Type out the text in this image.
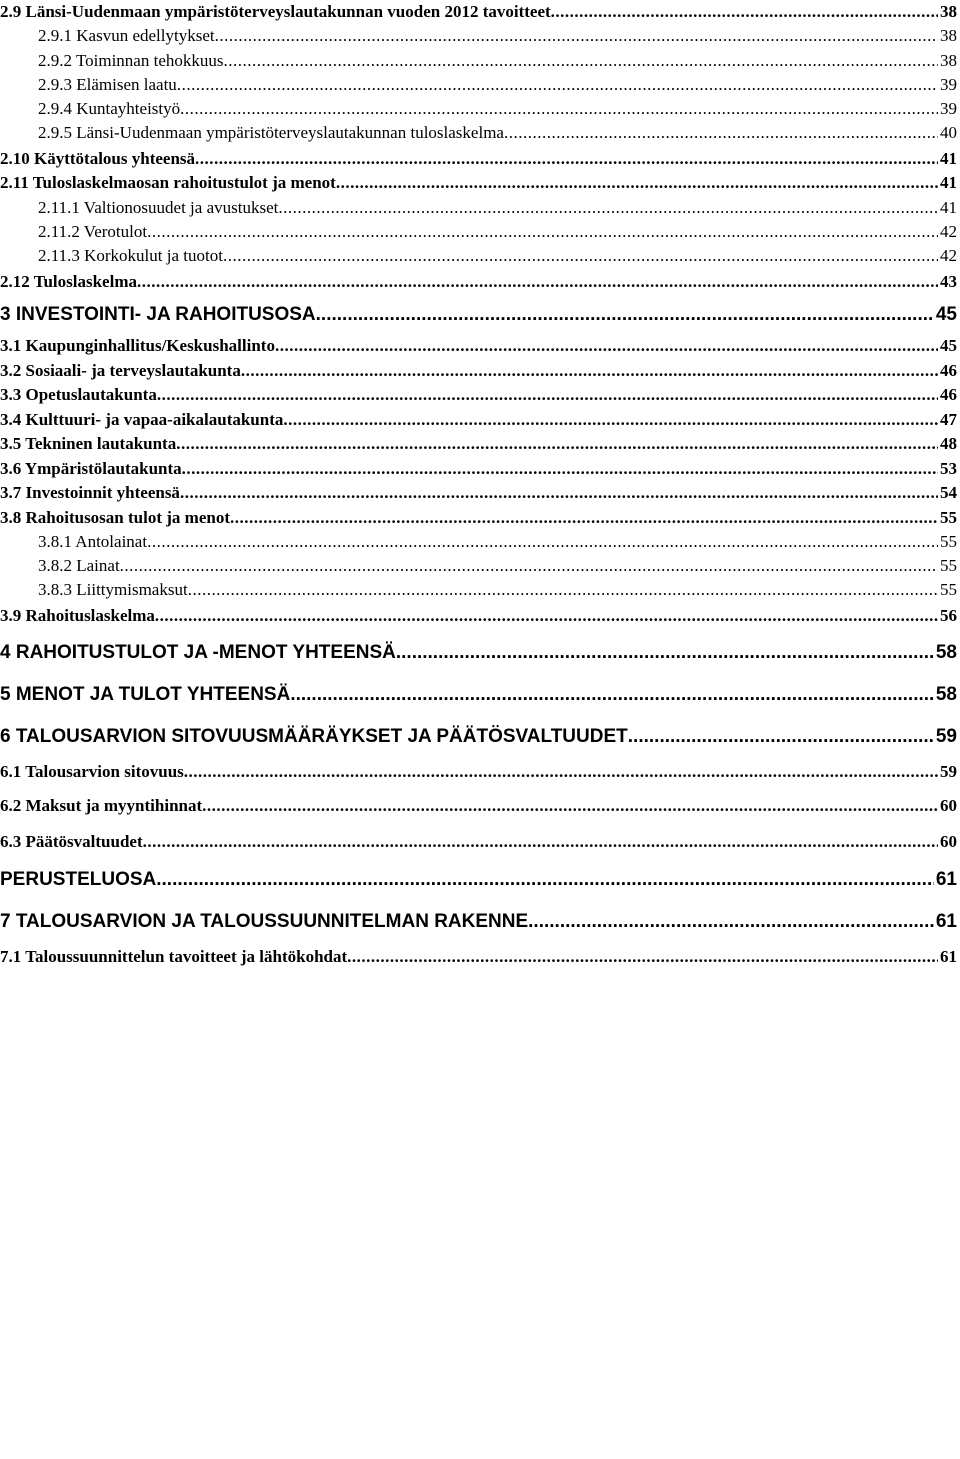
2.9 Länsi-Uudenmaan ympäristöterveyslautakunnan vuoden 2012 tavoitteet .....	38
2.9.1 Kasvun edellytykset .....	38
2.9.2 Toiminnan tehokkuus .....	38
2.9.3 Elämisen laatu .....	39
2.9.4 Kuntayhteistyö .....	39
2.9.5 Länsi-Uudenmaan ympäristöterveyslautakunnan tuloslaskelma .....	40
2.10 Käyttötalous yhteensä .....	41
2.11 Tuloslaskelmaosan rahoitustulot ja menot .....	41
2.11.1 Valtionosuudet ja avustukset .....	41
2.11.2 Verotulot .....	42
2.11.3 Korkokulut ja tuotot .....	42
2.12 Tuloslaskelma .....	43
3 INVESTOINTI- JA RAHOITUSOSA .....	45
3.1 Kaupunginhallitus/Keskushallinto .....	45
3.2 Sosiaali- ja terveyslautakunta .....	46
3.3 Opetuslautakunta .....	46
3.4 Kulttuuri- ja vapaa-aikalautakunta .....	47
3.5 Tekninen lautakunta .....	48
3.6 Ympäristölautakunta .....	53
3.7 Investoinnit yhteensä .....	54
3.8 Rahoitusosan tulot ja menot .....	55
3.8.1 Antolainat .....	55
3.8.2 Lainat .....	55
3.8.3 Liittymismaksut .....	55
3.9 Rahoituslaskelma .....	56
4 RAHOITUSTULOT JA -MENOT YHTEENSÄ .....	58
5 MENOT JA TULOT YHTEENSÄ .....	58
6 TALOUSARVION SITOVUUSMÄÄRÄYKSET JA PÄÄTÖSVALTUUDET .....	59
6.1 Talousarvion sitovuus .....	59
6.2 Maksut ja myyntihinnat .....	60
6.3 Päätösvaltuudet .....	60
PERUSTELUOSA .....	61
7 TALOUSARVION JA TALOUSSUUNNITELMAN RAKENNE .....	61
7.1 Taloussuunnittelun tavoitteet ja lähtökohdat .....	61
